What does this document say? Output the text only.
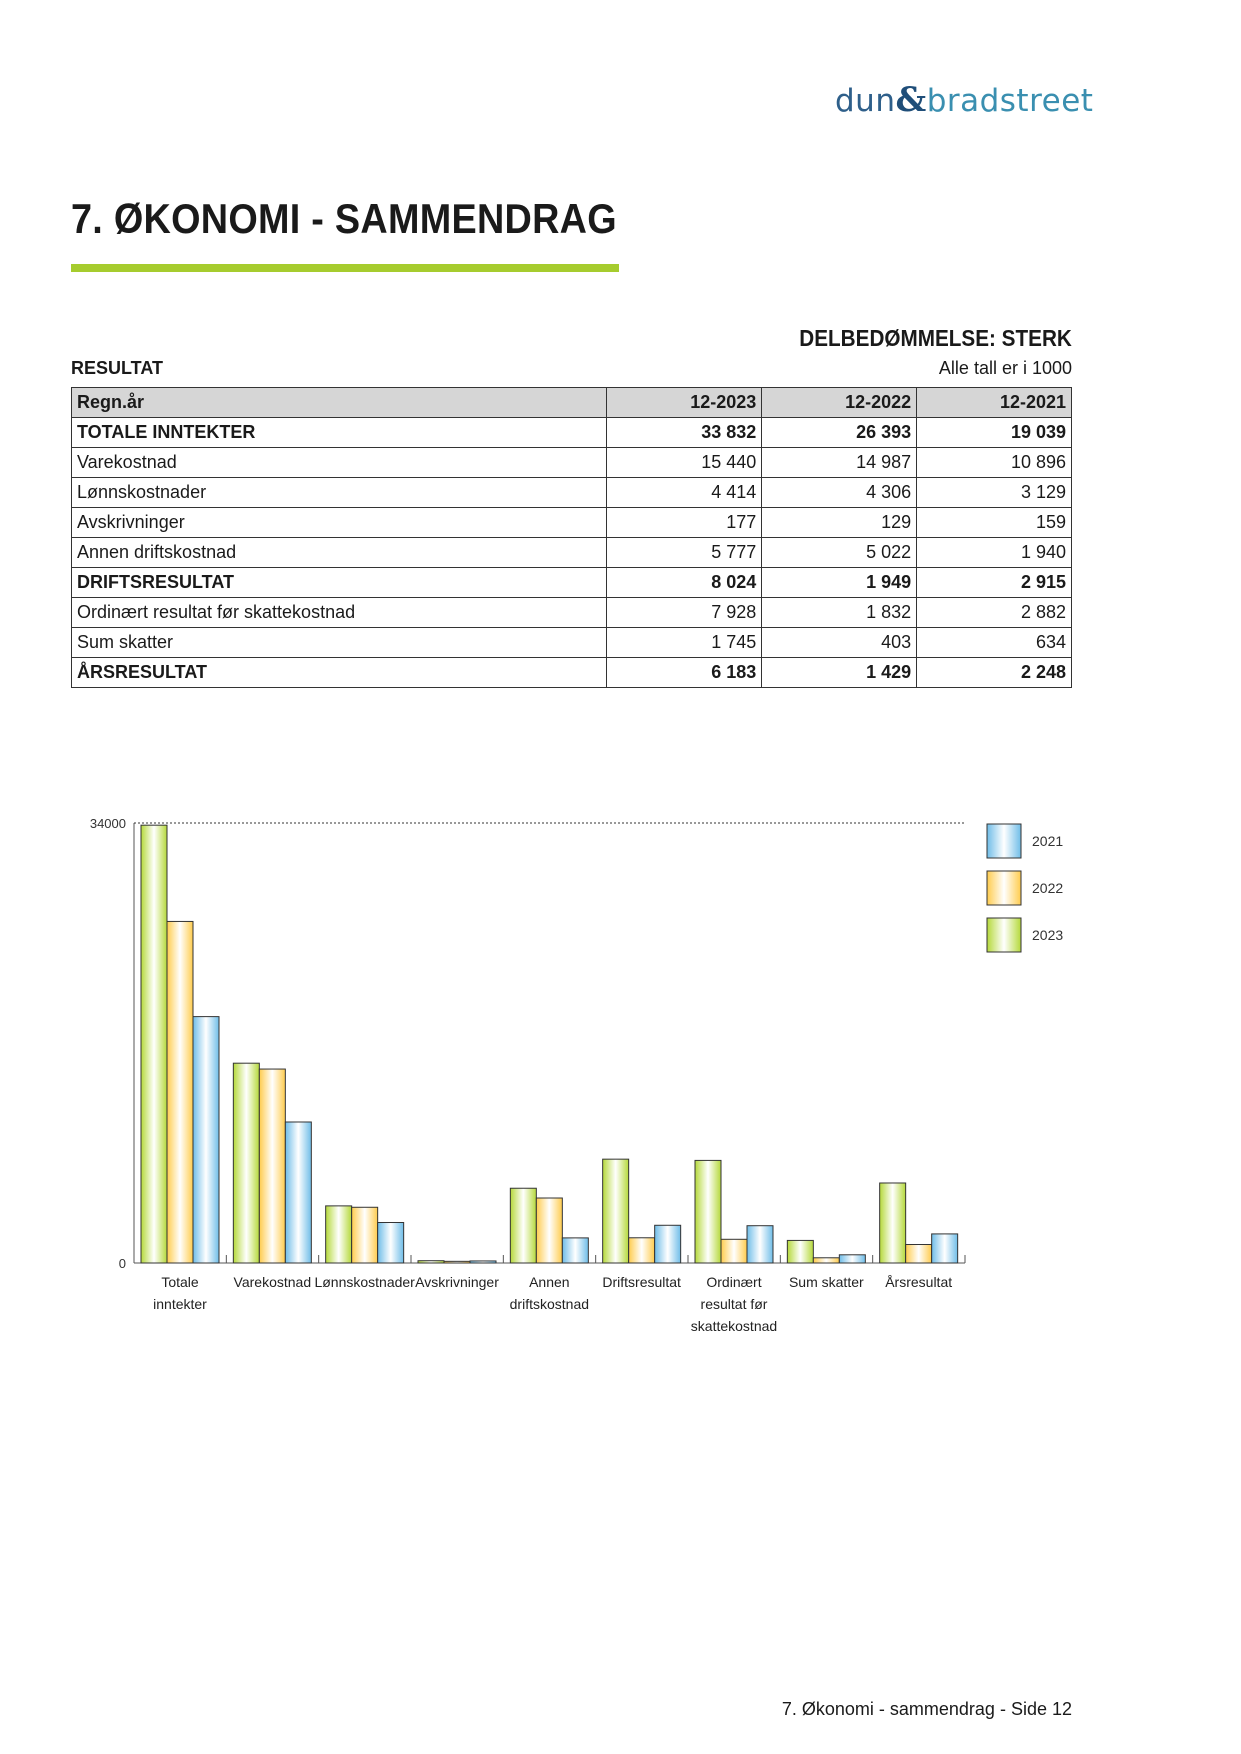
dun&bradstreet
7. ØKONOMI - SAMMENDRAG
DELBEDØMMELSE: STERK
RESULTAT	Alle tall er i 1000
Regn.år	12-2023	12-2022	12-2021
TOTALE INNTEKTER	33 832	26 393	19 039
Varekostnad	15 440	14 987	10 896
Lønnskostnader	4 414	4 306	3 129
Avskrivninger	177	129	159
Annen driftskostnad	5 777	5 022	1 940
DRIFTSRESULTAT	8 024	1 949	2 915
Ordinært resultat før skattekostnad	7 928	1 832	2 882
Sum skatter	1 745	403	634
ÅRSRESULTAT	6 183	1 429	2 248
0
34000
Totale
inntekter
Varekostnad Lønnskostnader Avskrivninger Annen
driftskostnad
Driftsresultat Ordinært
resultat før
skattekostnad
Sum skatter Årsresultat
2021
2022
2023
7. Økonomi - sammendrag - Side 12
